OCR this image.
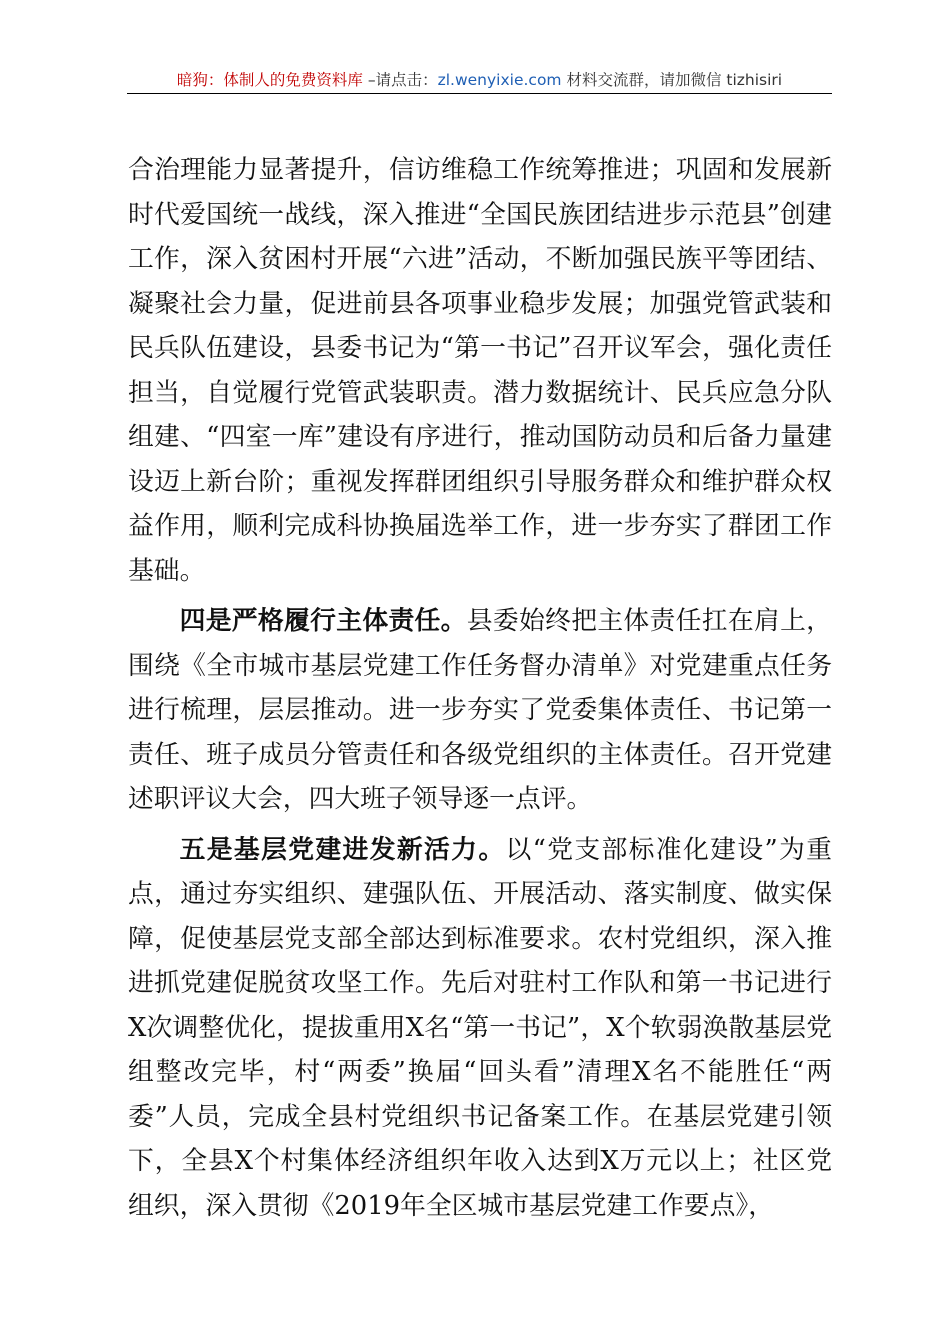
暗狗：体制人的免费资料库 –请点击：zl.wenyixie.com 材料交流群，请加微信 tizhisiri

合治理能力显著提升，信访维稳工作统筹推进；巩固和发展新时代爱国统一战线，深入推进“全国民族团结进步示范县”创建工作，深入贫困村开展“六进”活动，不断加强民族平等团结、凝聚社会力量，促进前县各项事业稳步发展；加强党管武装和民兵队伍建设，县委书记为“第一书记”召开议军会，强化责任担当，自觉履行党管武装职责。潜力数据统计、民兵应急分队组建、“四室一库”建设有序进行，推动国防动员和后备力量建设迈上新台阶；重视发挥群团组织引导服务群众和维护群众权益作用，顺利完成科协换届选举工作，进一步夯实了群团工作基础。

四是严格履行主体责任。县委始终把主体责任扛在肩上，围绕《全市城市基层党建工作任务督办清单》对党建重点任务进行梳理，层层推动。进一步夯实了党委集体责任、书记第一责任、班子成员分管责任和各级党组织的主体责任。召开党建述职评议大会，四大班子领导逐一点评。

五是基层党建进发新活力。以“党支部标准化建设”为重点，通过夯实组织、建强队伍、开展活动、落实制度、做实保障，促使基层党支部全部达到标准要求。农村党组织，深入推进抓党建促脱贫攻坚工作。先后对驻村工作队和第一书记进行X次调整优化，提拔重用X名“第一书记”，X个软弱涣散基层党组整改完毕，村“两委”换届“回头看”清理X名不能胜任“两委”人员，完成全县村党组织书记备案工作。在基层党建引领下，全县X个村集体经济组织年收入达到X万元以上；社区党组织，深入贯彻《2019年全区城市基层党建工作要点》，
